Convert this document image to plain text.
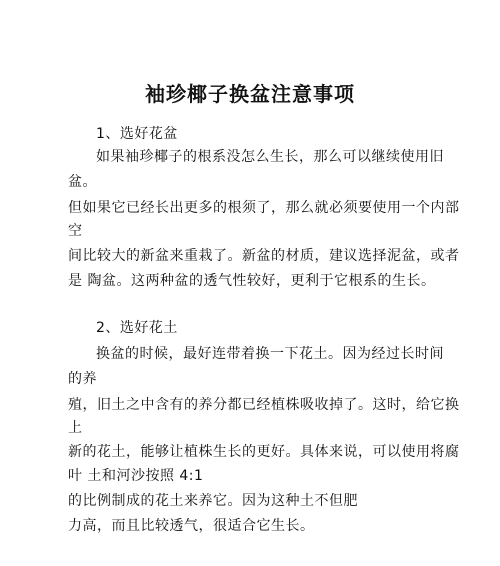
袖珍椰子换盆注意事项
1、选好花盆
如果袖珍椰子的根系没怎么生长，那么可以继续使用旧
盆。
但如果它已经长出更多的根须了，那么就必须要使用一个内部
空
间比较大的新盆来重栽了。新盆的材质，建议选择泥盆，或者
是 陶盆。这两种盆的透气性较好，更利于它根系的生长。
2、选好花土
换盆的时候，最好连带着换一下花土。因为经过长时间
的养
殖，旧土之中含有的养分都已经植株吸收掉了。这时，给它换
上
新的花土，能够让植株生长的更好。具体来说，可以使用将腐
叶 土和河沙按照 4:1
的比例制成的花土来养它。因为这种土不但肥
力高，而且比较透气，很适合它生长。
